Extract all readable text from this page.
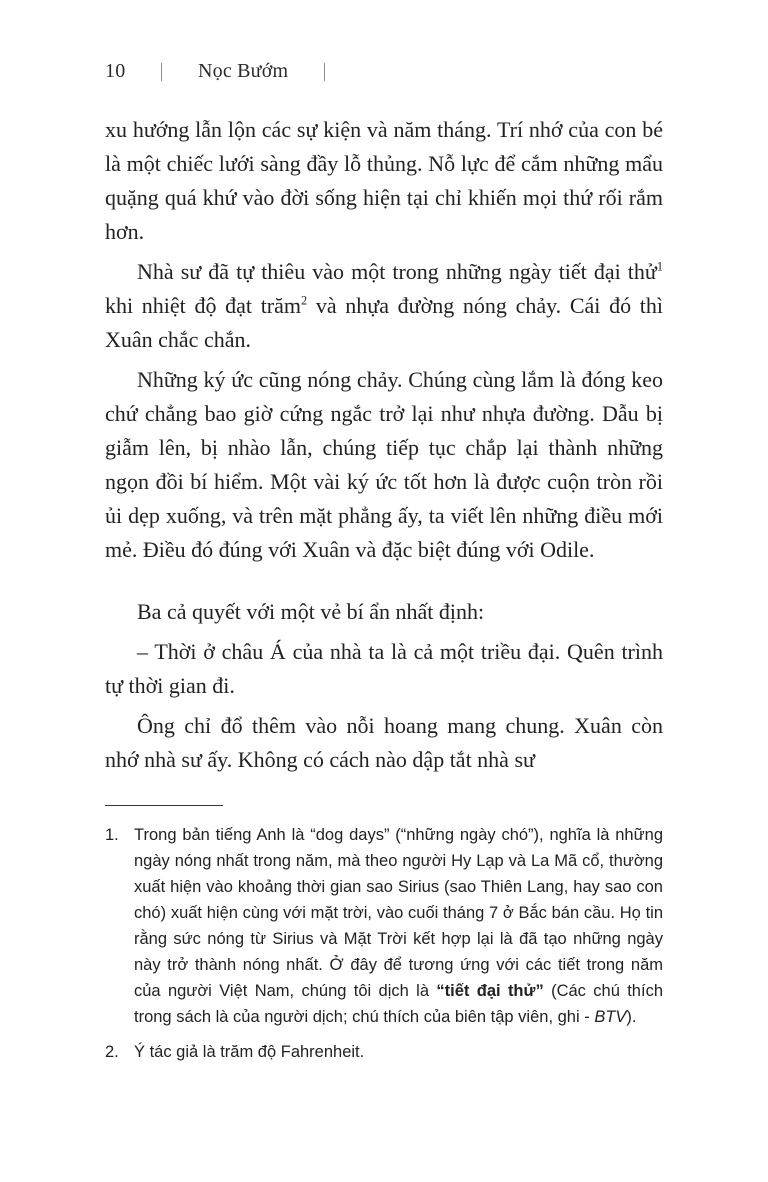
10	Nọc Bướm

xu hướng lẫn lộn các sự kiện và năm tháng. Trí nhớ của con bé là một chiếc lưới sàng đầy lỗ thủng. Nỗ lực để cắm những mẩu quặng quá khứ vào đời sống hiện tại chỉ khiến mọi thứ rối rắm hơn.

Nhà sư đã tự thiêu vào một trong những ngày tiết đại thử$^1$ khi nhiệt độ đạt trăm$^2$ và nhựa đường nóng chảy. Cái đó thì Xuân chắc chắn.

Những ký ức cũng nóng chảy. Chúng cùng lắm là đóng keo chứ chẳng bao giờ cứng ngắc trở lại như nhựa đường. Dẫu bị giẫm lên, bị nhào lẫn, chúng tiếp tục chắp lại thành những ngọn đồi bí hiểm. Một vài ký ức tốt hơn là được cuộn tròn rồi ủi dẹp xuống, và trên mặt phẳng ấy, ta viết lên những điều mới mẻ. Điều đó đúng với Xuân và đặc biệt đúng với Odile.

Ba cả quyết với một vẻ bí ẩn nhất định:

– Thời ở châu Á của nhà ta là cả một triều đại. Quên trình tự thời gian đi.

Ông chỉ đổ thêm vào nỗi hoang mang chung. Xuân còn nhớ nhà sư ấy. Không có cách nào dập tắt nhà sư

1. Trong bản tiếng Anh là “dog days” (“những ngày chó”), nghĩa là những ngày nóng nhất trong năm, mà theo người Hy Lạp và La Mã cổ, thường xuất hiện vào khoảng thời gian sao Sirius (sao Thiên Lang, hay sao con chó) xuất hiện cùng với mặt trời, vào cuối tháng 7 ở Bắc bán cầu. Họ tin rằng sức nóng từ Sirius và Mặt Trời kết hợp lại là đã tạo những ngày này trở thành nóng nhất. Ở đây để tương ứng với các tiết trong năm của người Việt Nam, chúng tôi dịch là “tiết đại thử” (Các chú thích trong sách là của người dịch; chú thích của biên tập viên, ghi - BTV).
2. Ý tác giả là trăm độ Fahrenheit.
